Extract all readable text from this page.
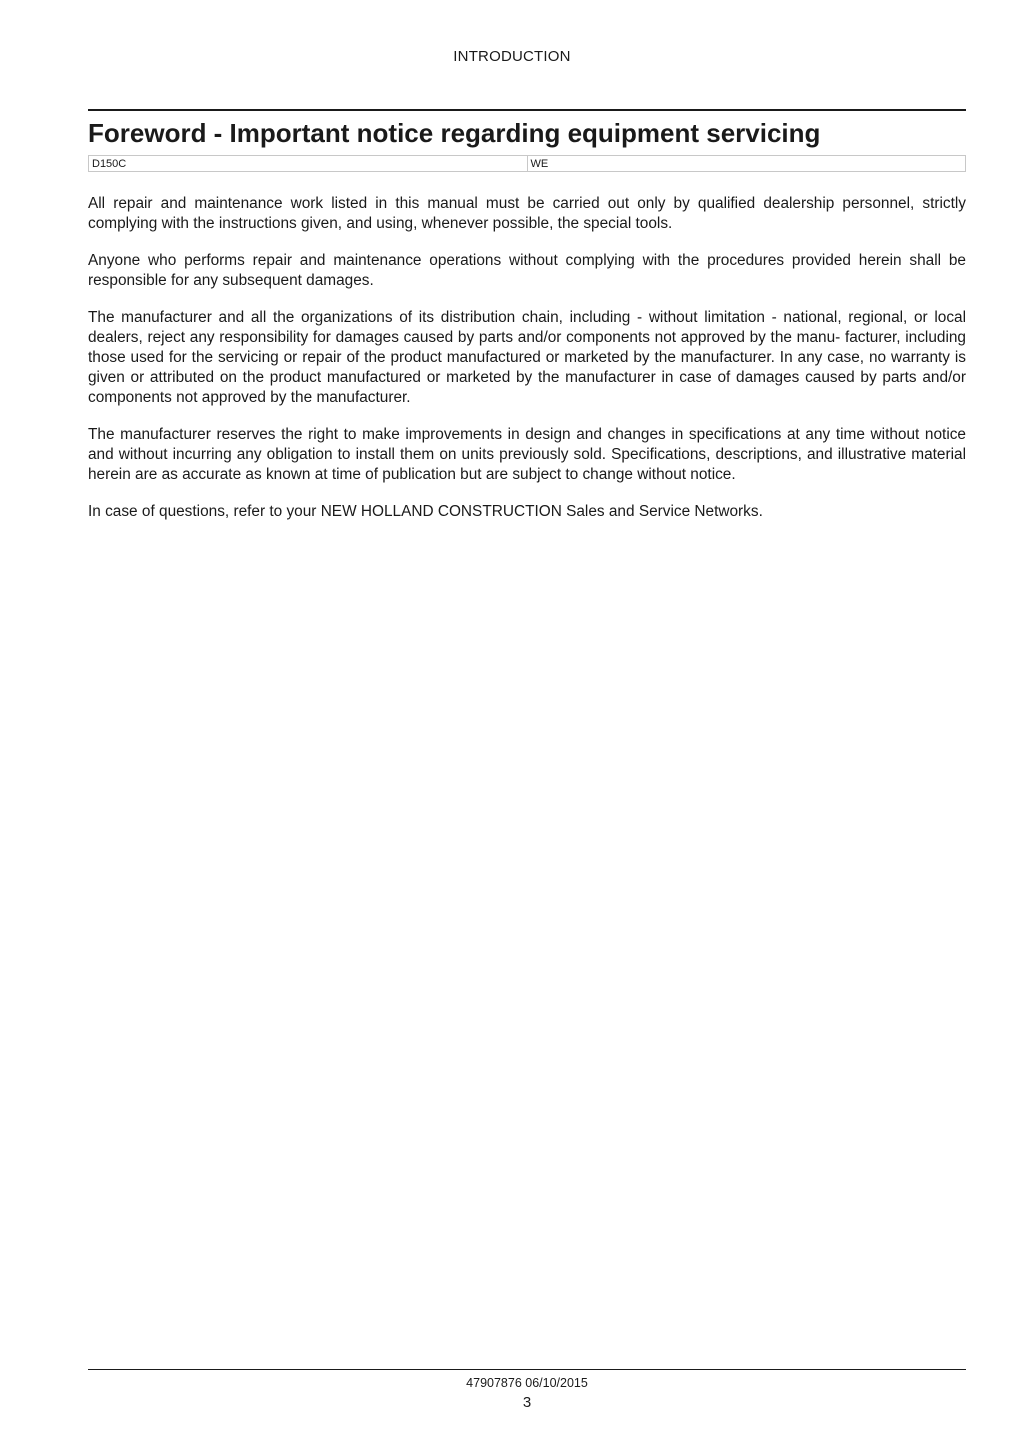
INTRODUCTION
Foreword - Important notice regarding equipment servicing
D150C	WE

All repair and maintenance work listed in this manual must be carried out only by qualified dealership personnel, strictly complying with the instructions given, and using, whenever possible, the special tools.

Anyone who performs repair and maintenance operations without complying with the procedures provided herein shall be responsible for any subsequent damages.

The manufacturer and all the organizations of its distribution chain, including - without limitation - national, regional, or local dealers, reject any responsibility for damages caused by parts and/or components not approved by the manu- facturer, including those used for the servicing or repair of the product manufactured or marketed by the manufacturer. In any case, no warranty is given or attributed on the product manufactured or marketed by the manufacturer in case of damages caused by parts and/or components not approved by the manufacturer.

The manufacturer reserves the right to make improvements in design and changes in specifications at any time without notice and without incurring any obligation to install them on units previously sold. Specifications, descriptions, and illustrative material herein are as accurate as known at time of publication but are subject to change without notice.

In case of questions, refer to your NEW HOLLAND CONSTRUCTION Sales and Service Networks.

47907876 06/10/2015
3
